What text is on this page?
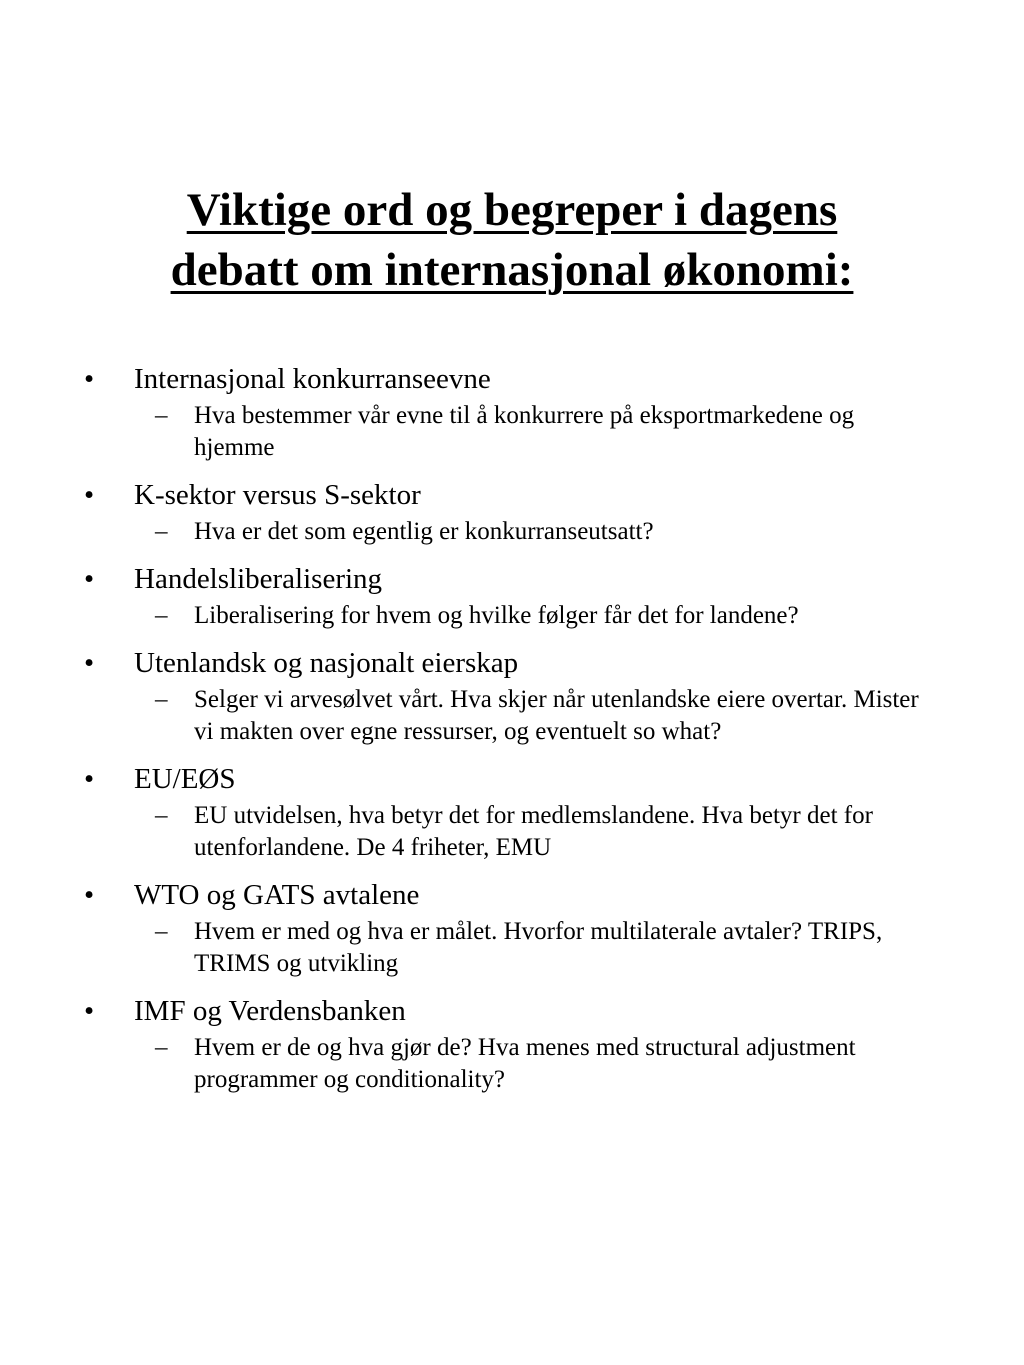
Viktige ord og begreper i dagens
debatt om internasjonal økonomi:
• Internasjonal konkurranseevne
– Hva bestemmer vår evne til å konkurrere på eksportmarkedene og hjemme
• K-sektor versus S-sektor
– Hva er det som egentlig er konkurranseutsatt?
• Handelsliberalisering
– Liberalisering for hvem og hvilke følger får det for landene?
• Utenlandsk og nasjonalt eierskap
– Selger vi arvesølvet vårt. Hva skjer når utenlandske eiere overtar. Mister vi makten over egne ressurser, og eventuelt so what?
• EU/EØS
– EU utvidelsen, hva betyr det for medlemslandene. Hva betyr det for utenforlandene. De 4 friheter, EMU
• WTO og GATS avtalene
– Hvem er med og hva er målet. Hvorfor multilaterale avtaler? TRIPS, TRIMS og utvikling
• IMF og Verdensbanken
– Hvem er de og hva gjør de? Hva menes med structural adjustment programmer og conditionality?
